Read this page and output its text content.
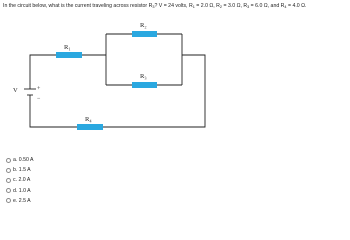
In the circuit below, what is the current traveling across resistor $R_3$? V = 24 volts, $R_1 = 2.0$ Ω, $R_2 = 3.0$ Ω, $R_3 = 6.0$ Ω, and $R_4 = 4.0$ Ω.
V	+
−
R₁
R₂
R₃
R₄
a. 0.50 A
b. 1.5 A
c. 2.0 A
d. 1.0 A
e. 2.5 A
